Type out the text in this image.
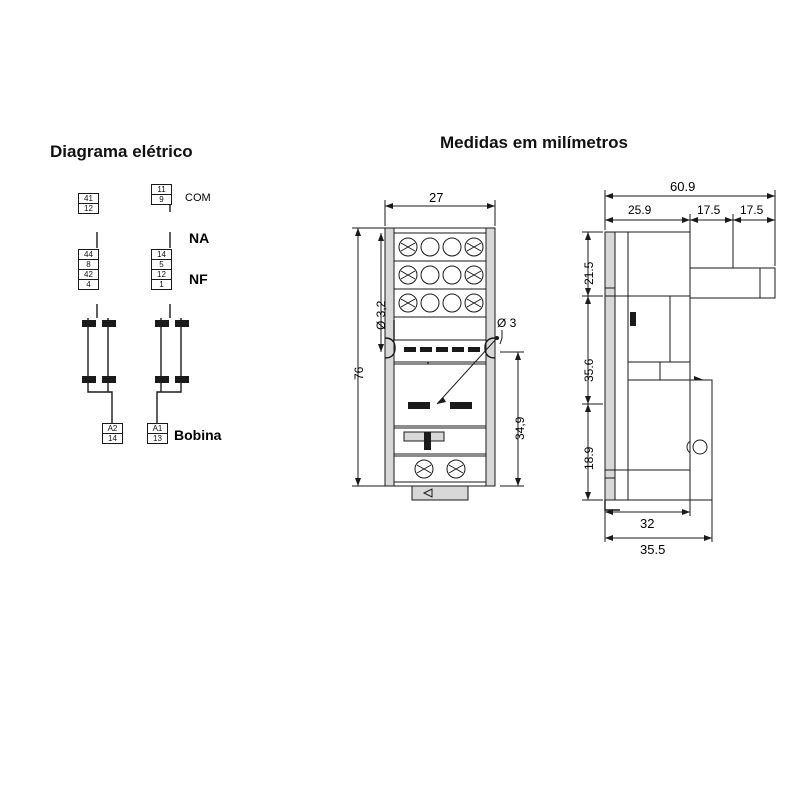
Diagrama elétrico	Medidas em milímetros
41
12
44
8
42
4
A2
14
11
9
14
5
12
1
A1
13
COM
NA
NF
Bobina
27
76
Ø 3,2	Ø 3
34,9
60.9
25.9	17.5 17.5
21.5
35.6
18.9
32
35.5
